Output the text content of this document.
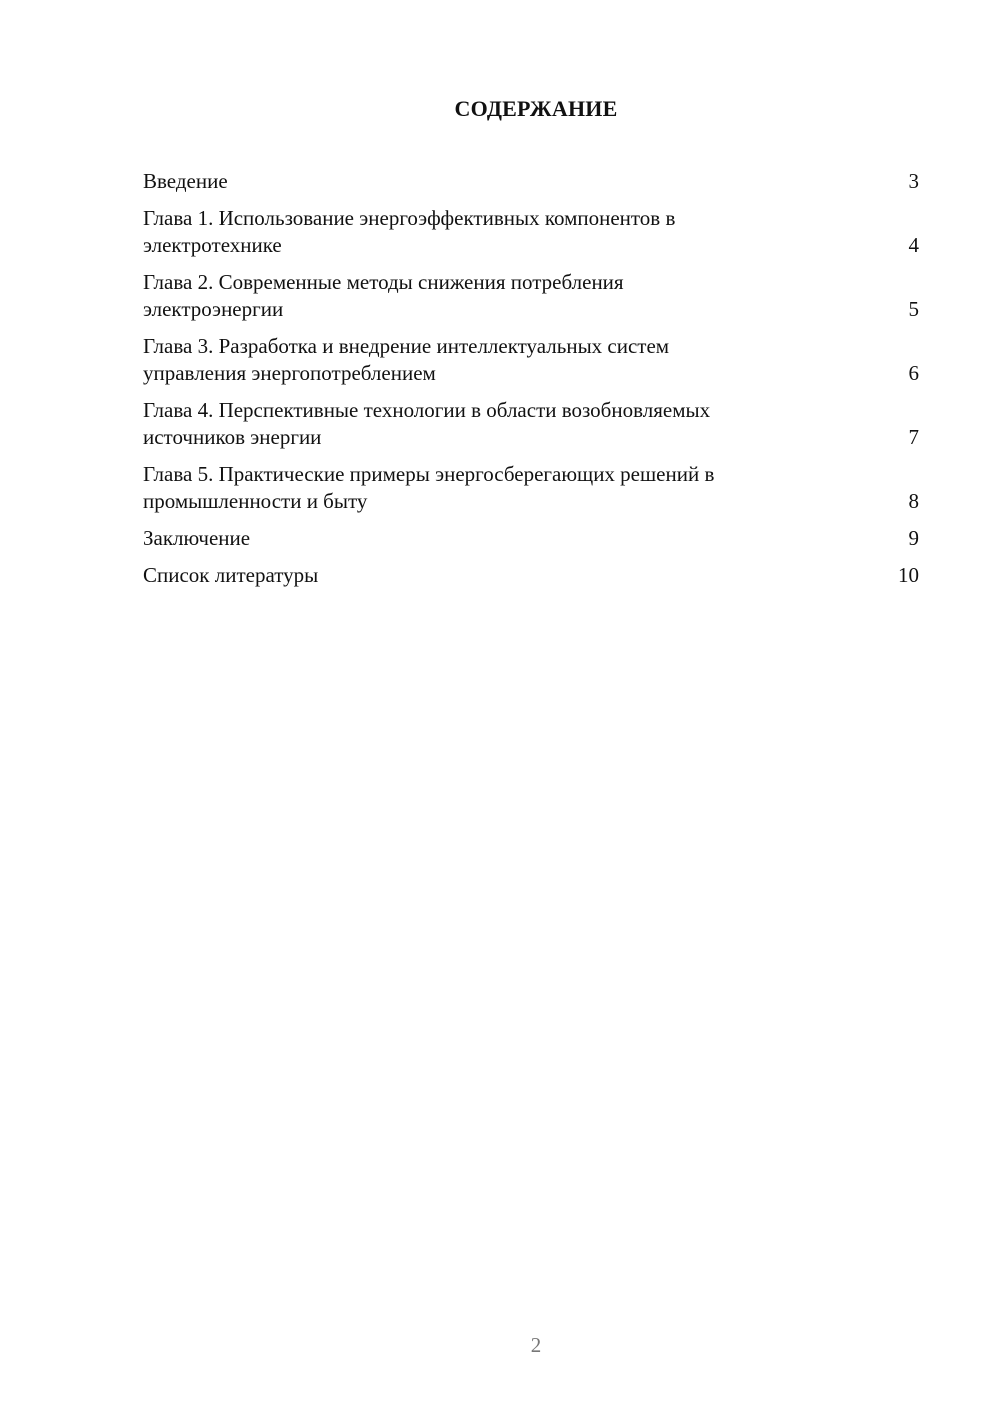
СОДЕРЖАНИЕ
Введение	3
Глава 1. Использование энергоэффективных компонентов в
электротехнике	4
Глава 2. Современные методы снижения потребления
электроэнергии	5
Глава 3. Разработка и внедрение интеллектуальных систем
управления энергопотреблением	6
Глава 4. Перспективные технологии в области возобновляемых
источников энергии	7
Глава 5. Практические примеры энергосберегающих решений в
промышленности и быту	8
Заключение	9
Список литературы	10
2
